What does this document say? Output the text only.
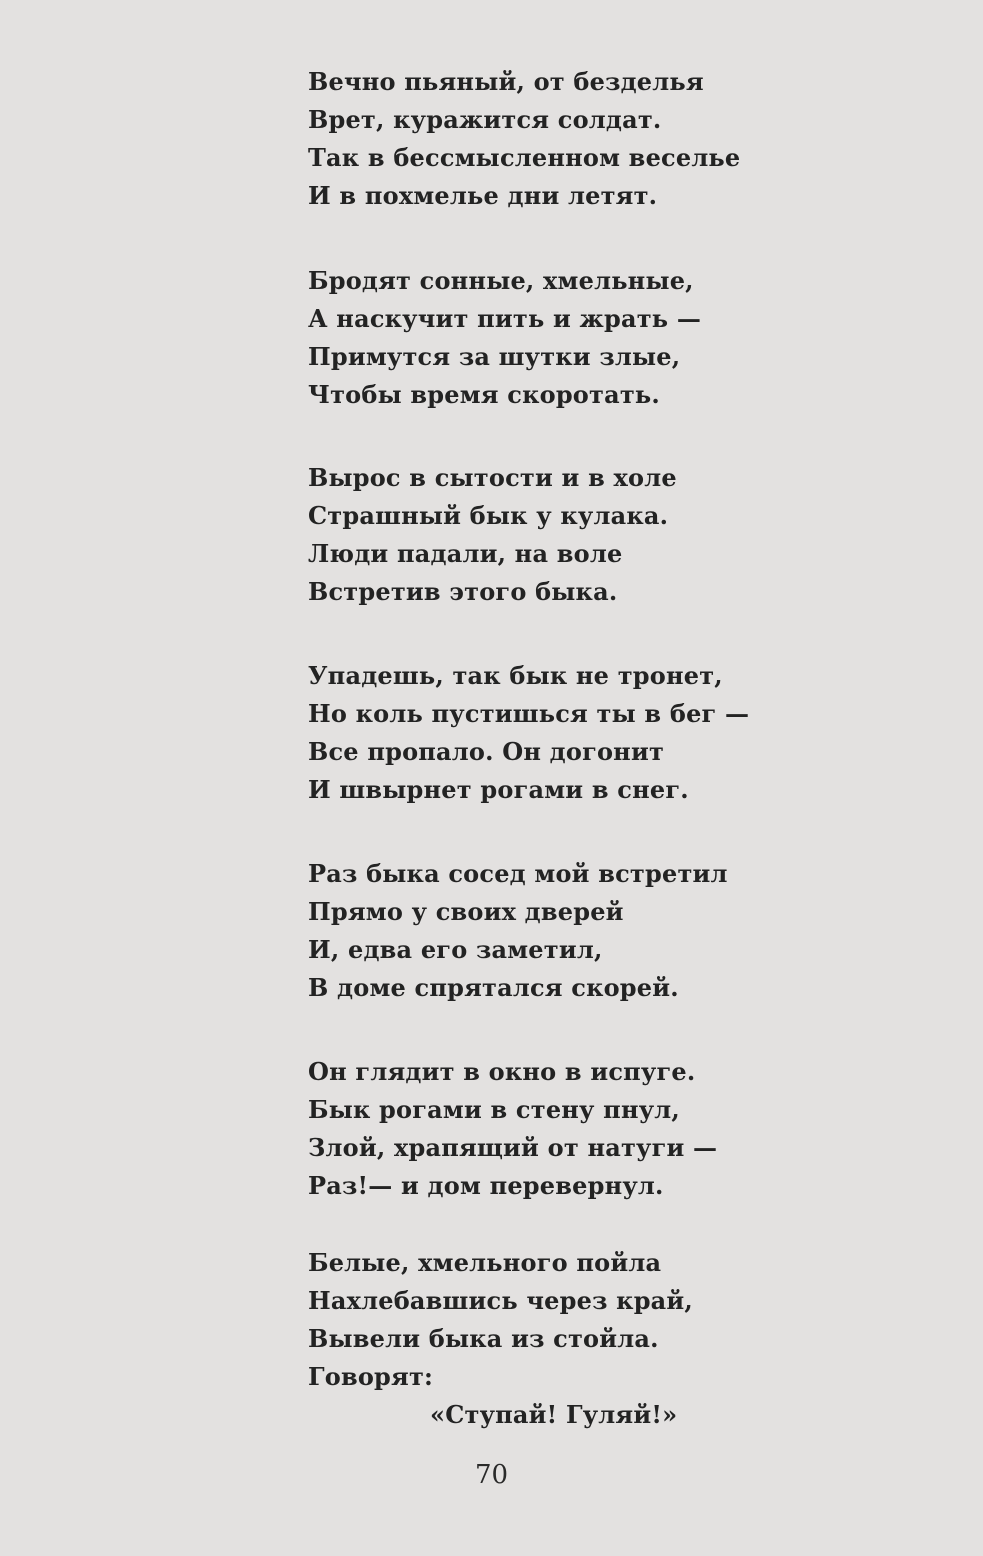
Вечно пьяный, от безделья
Врет, куражится солдат.
Так в бессмысленном веселье
И в похмелье дни летят.
Бродят сонные, хмельные,
А наскучит пить и жрать —
Примутся за шутки злые,
Чтобы время скоротать.
Вырос в сытости и в холе
Страшный бык у кулака.
Люди падали, на воле
Встретив этого быка.
Упадешь, так бык не тронет,
Но коль пустишься ты в бег —
Все пропало. Он догонит
И швырнет рогами в снег.
Раз быка сосед мой встретил
Прямо у своих дверей
И, едва его заметил,
В доме спрятался скорей.
Он глядит в окно в испуге.
Бык рогами в стену пнул,
Злой, храпящий от натуги —
Раз!— и дом перевернул.
Белые, хмельного пойла
Нахлебавшись через край,
Вывели быка из стойла.
Говорят:
«Ступай! Гуляй!»
70
